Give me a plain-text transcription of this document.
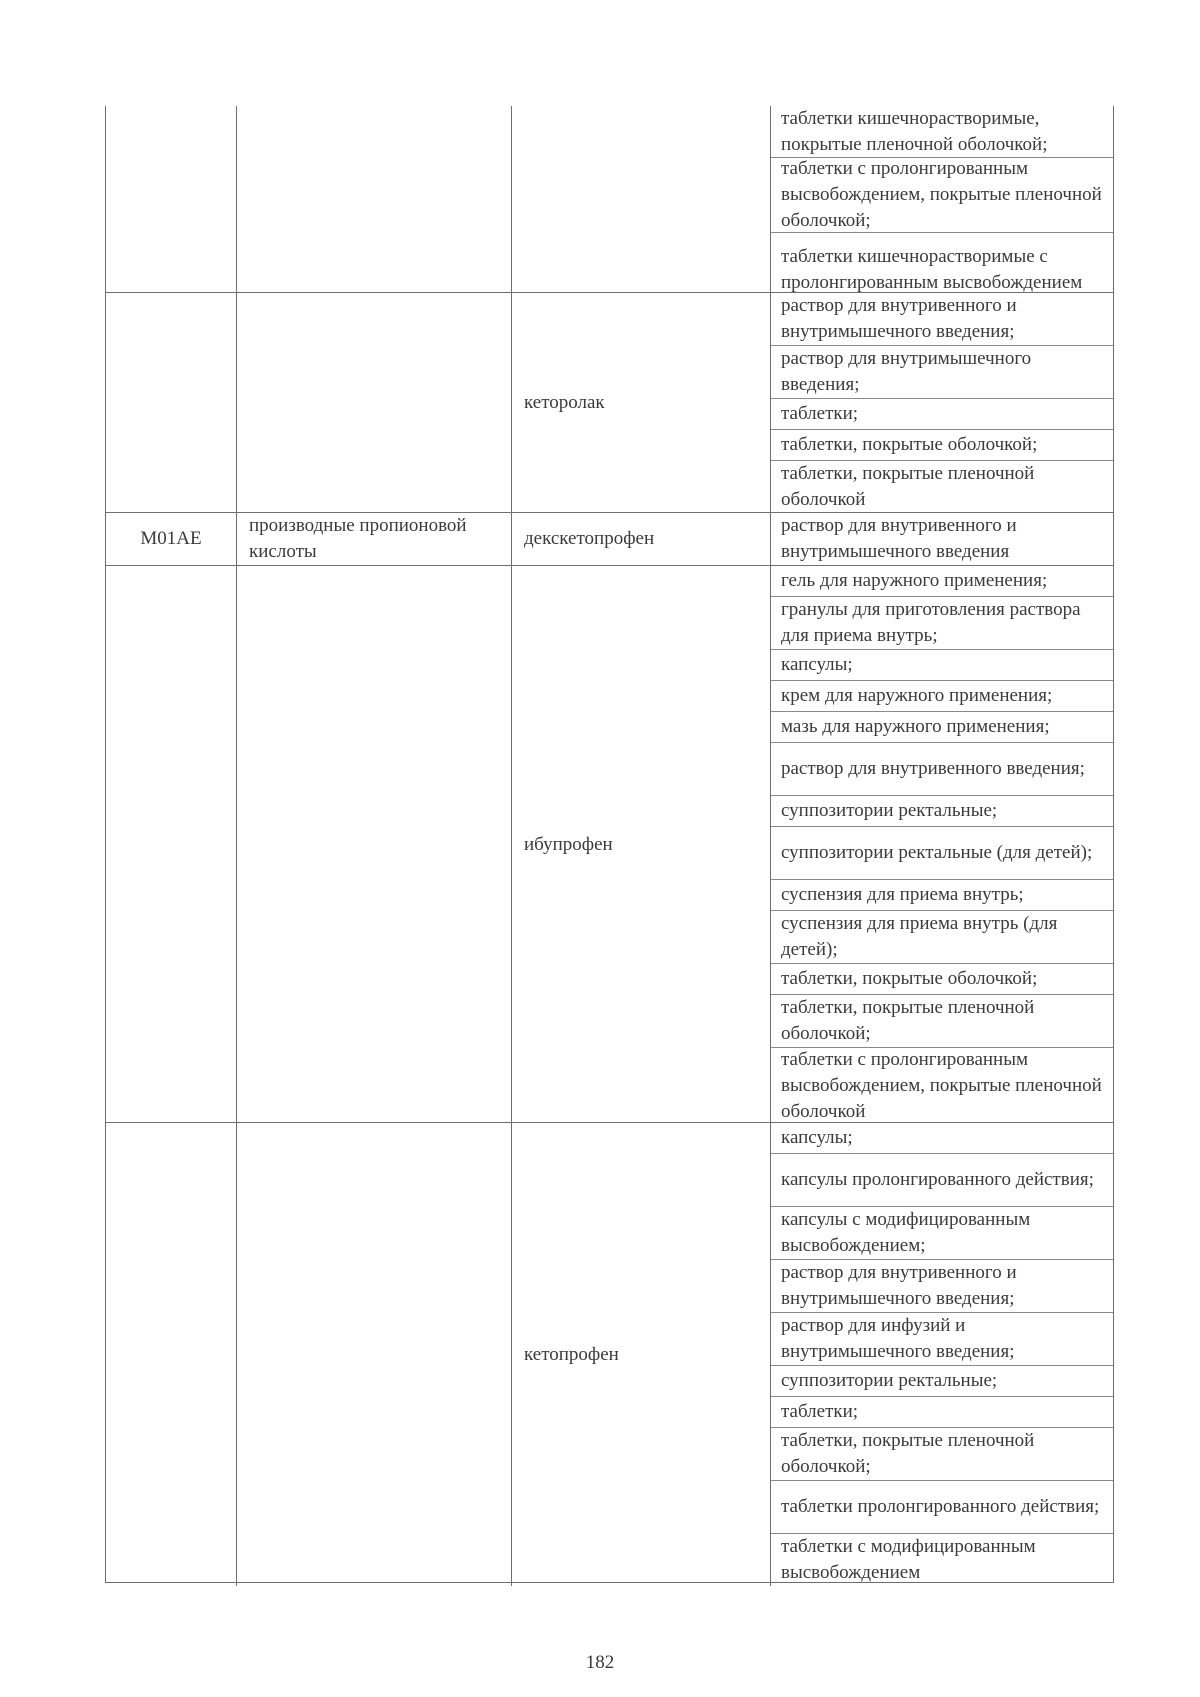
таблетки кишечнорастворимые, покрытые пленочной оболочкой;
таблетки с пролонгированным высвобождением, покрытые пленочной оболочкой;
таблетки кишечнорастворимые с пролонгированным высвобождением
кеторолак
раствор для внутривенного и внутримышечного введения;
раствор для внутримышечного введения;
таблетки;
таблетки, покрытые оболочкой;
таблетки, покрытые пленочной оболочкой
M01AE
производные пропионовой кислоты
декскетопрофен
раствор для внутривенного и внутримышечного введения
ибупрофен
гель для наружного применения;
гранулы для приготовления раствора для приема внутрь;
капсулы;
крем для наружного применения;
мазь для наружного применения;
раствор для внутривенного введения;
суппозитории ректальные;
суппозитории ректальные (для детей);
суспензия для приема внутрь;
суспензия для приема внутрь (для детей);
таблетки, покрытые оболочкой;
таблетки, покрытые пленочной оболочкой;
таблетки с пролонгированным высвобождением, покрытые пленочной оболочкой
кетопрофен
капсулы;
капсулы пролонгированного действия;
капсулы с модифицированным высвобождением;
раствор для внутривенного и внутримышечного введения;
раствор для инфузий и внутримышечного введения;
суппозитории ректальные;
таблетки;
таблетки, покрытые пленочной оболочкой;
таблетки пролонгированного действия;
таблетки с модифицированным высвобождением
182
